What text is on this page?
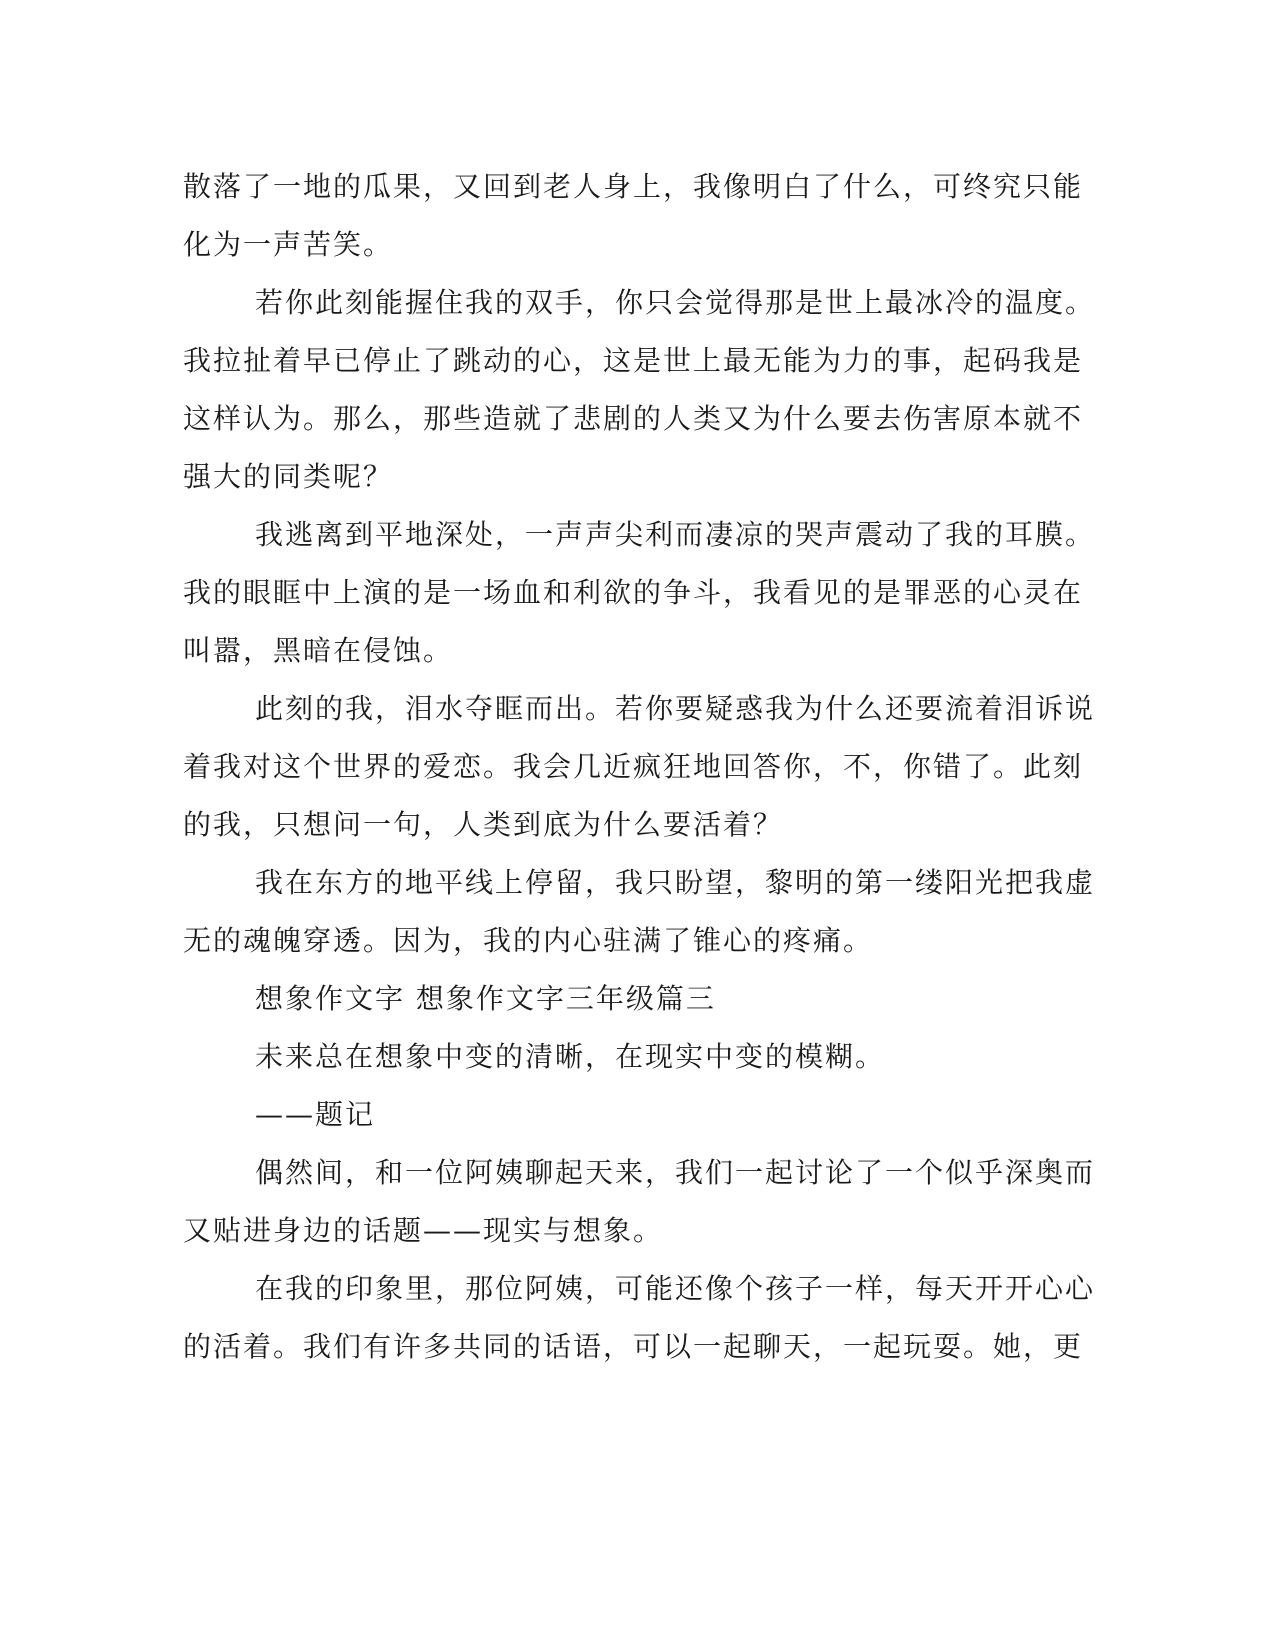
散落了一地的瓜果，又回到老人身上，我像明白了什么，可终究只能
化为一声苦笑。
若你此刻能握住我的双手，你只会觉得那是世上最冰冷的温度。
我拉扯着早已停止了跳动的心，这是世上最无能为力的事，起码我是
这样认为。那么，那些造就了悲剧的人类又为什么要去伤害原本就不
强大的同类呢？
我逃离到平地深处，一声声尖利而凄凉的哭声震动了我的耳膜。
我的眼眶中上演的是一场血和利欲的争斗，我看见的是罪恶的心灵在
叫嚣，黑暗在侵蚀。
此刻的我，泪水夺眶而出。若你要疑惑我为什么还要流着泪诉说
着我对这个世界的爱恋。我会几近疯狂地回答你，不，你错了。此刻
的我，只想问一句，人类到底为什么要活着？
我在东方的地平线上停留，我只盼望，黎明的第一缕阳光把我虚
无的魂魄穿透。因为，我的内心驻满了锥心的疼痛。
想象作文字 想象作文字三年级篇三
未来总在想象中变的清晰，在现实中变的模糊。
——题记
偶然间，和一位阿姨聊起天来，我们一起讨论了一个似乎深奥而
又贴进身边的话题——现实与想象。
在我的印象里，那位阿姨，可能还像个孩子一样，每天开开心心
的活着。我们有许多共同的话语，可以一起聊天，一起玩耍。她，更
